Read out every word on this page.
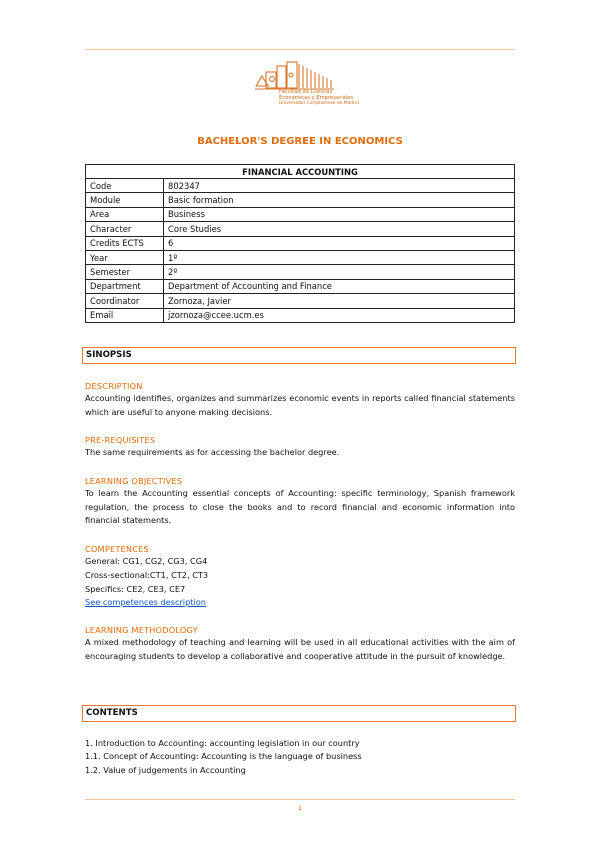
Facultad de Ciencias
Económicas y Empresariales
Universidad Complutense de Madrid
BACHELOR'S DEGREE IN ECONOMICS
FINANCIAL ACCOUNTING	
Code	802347
Module	Basic formation
Area	Business
Character	Core Studies
Credits ECTS	6
Year	1º
Semester	2º
Department	Department of Accounting and Finance
Coordinator	Zornoza, Javier
Email	jzornoza@ccee.ucm.es
SINOPSIS
DESCRIPTION
Accounting identifies, organizes and summarizes economic events in reports called financial statements which are useful to anyone making decisions.
PRE-REQUISITES
The same requirements as for accessing the bachelor degree.
LEARNING OBJECTIVES
To learn the Accounting essential concepts of Accounting: specific terminology, Spanish framework regulation, the process to close the books and to record financial and economic information into financial statements.
COMPETENCES
General: CG1, CG2, CG3, CG4
Cross-sectional:CT1, CT2, CT3
Specifics: CE2, CE3, CE7
See competences description
LEARNING METHODOLOGY
A mixed methodology of teaching and learning will be used in all educational activities with the aim of encouraging students to develop a collaborative and cooperative attitude in the pursuit of knowledge.
CONTENTS
1. Introduction to Accounting: accounting legislation in our country
1.1. Concept of Accounting: Accounting is the language of business
1.2. Value of judgements in Accounting
1
